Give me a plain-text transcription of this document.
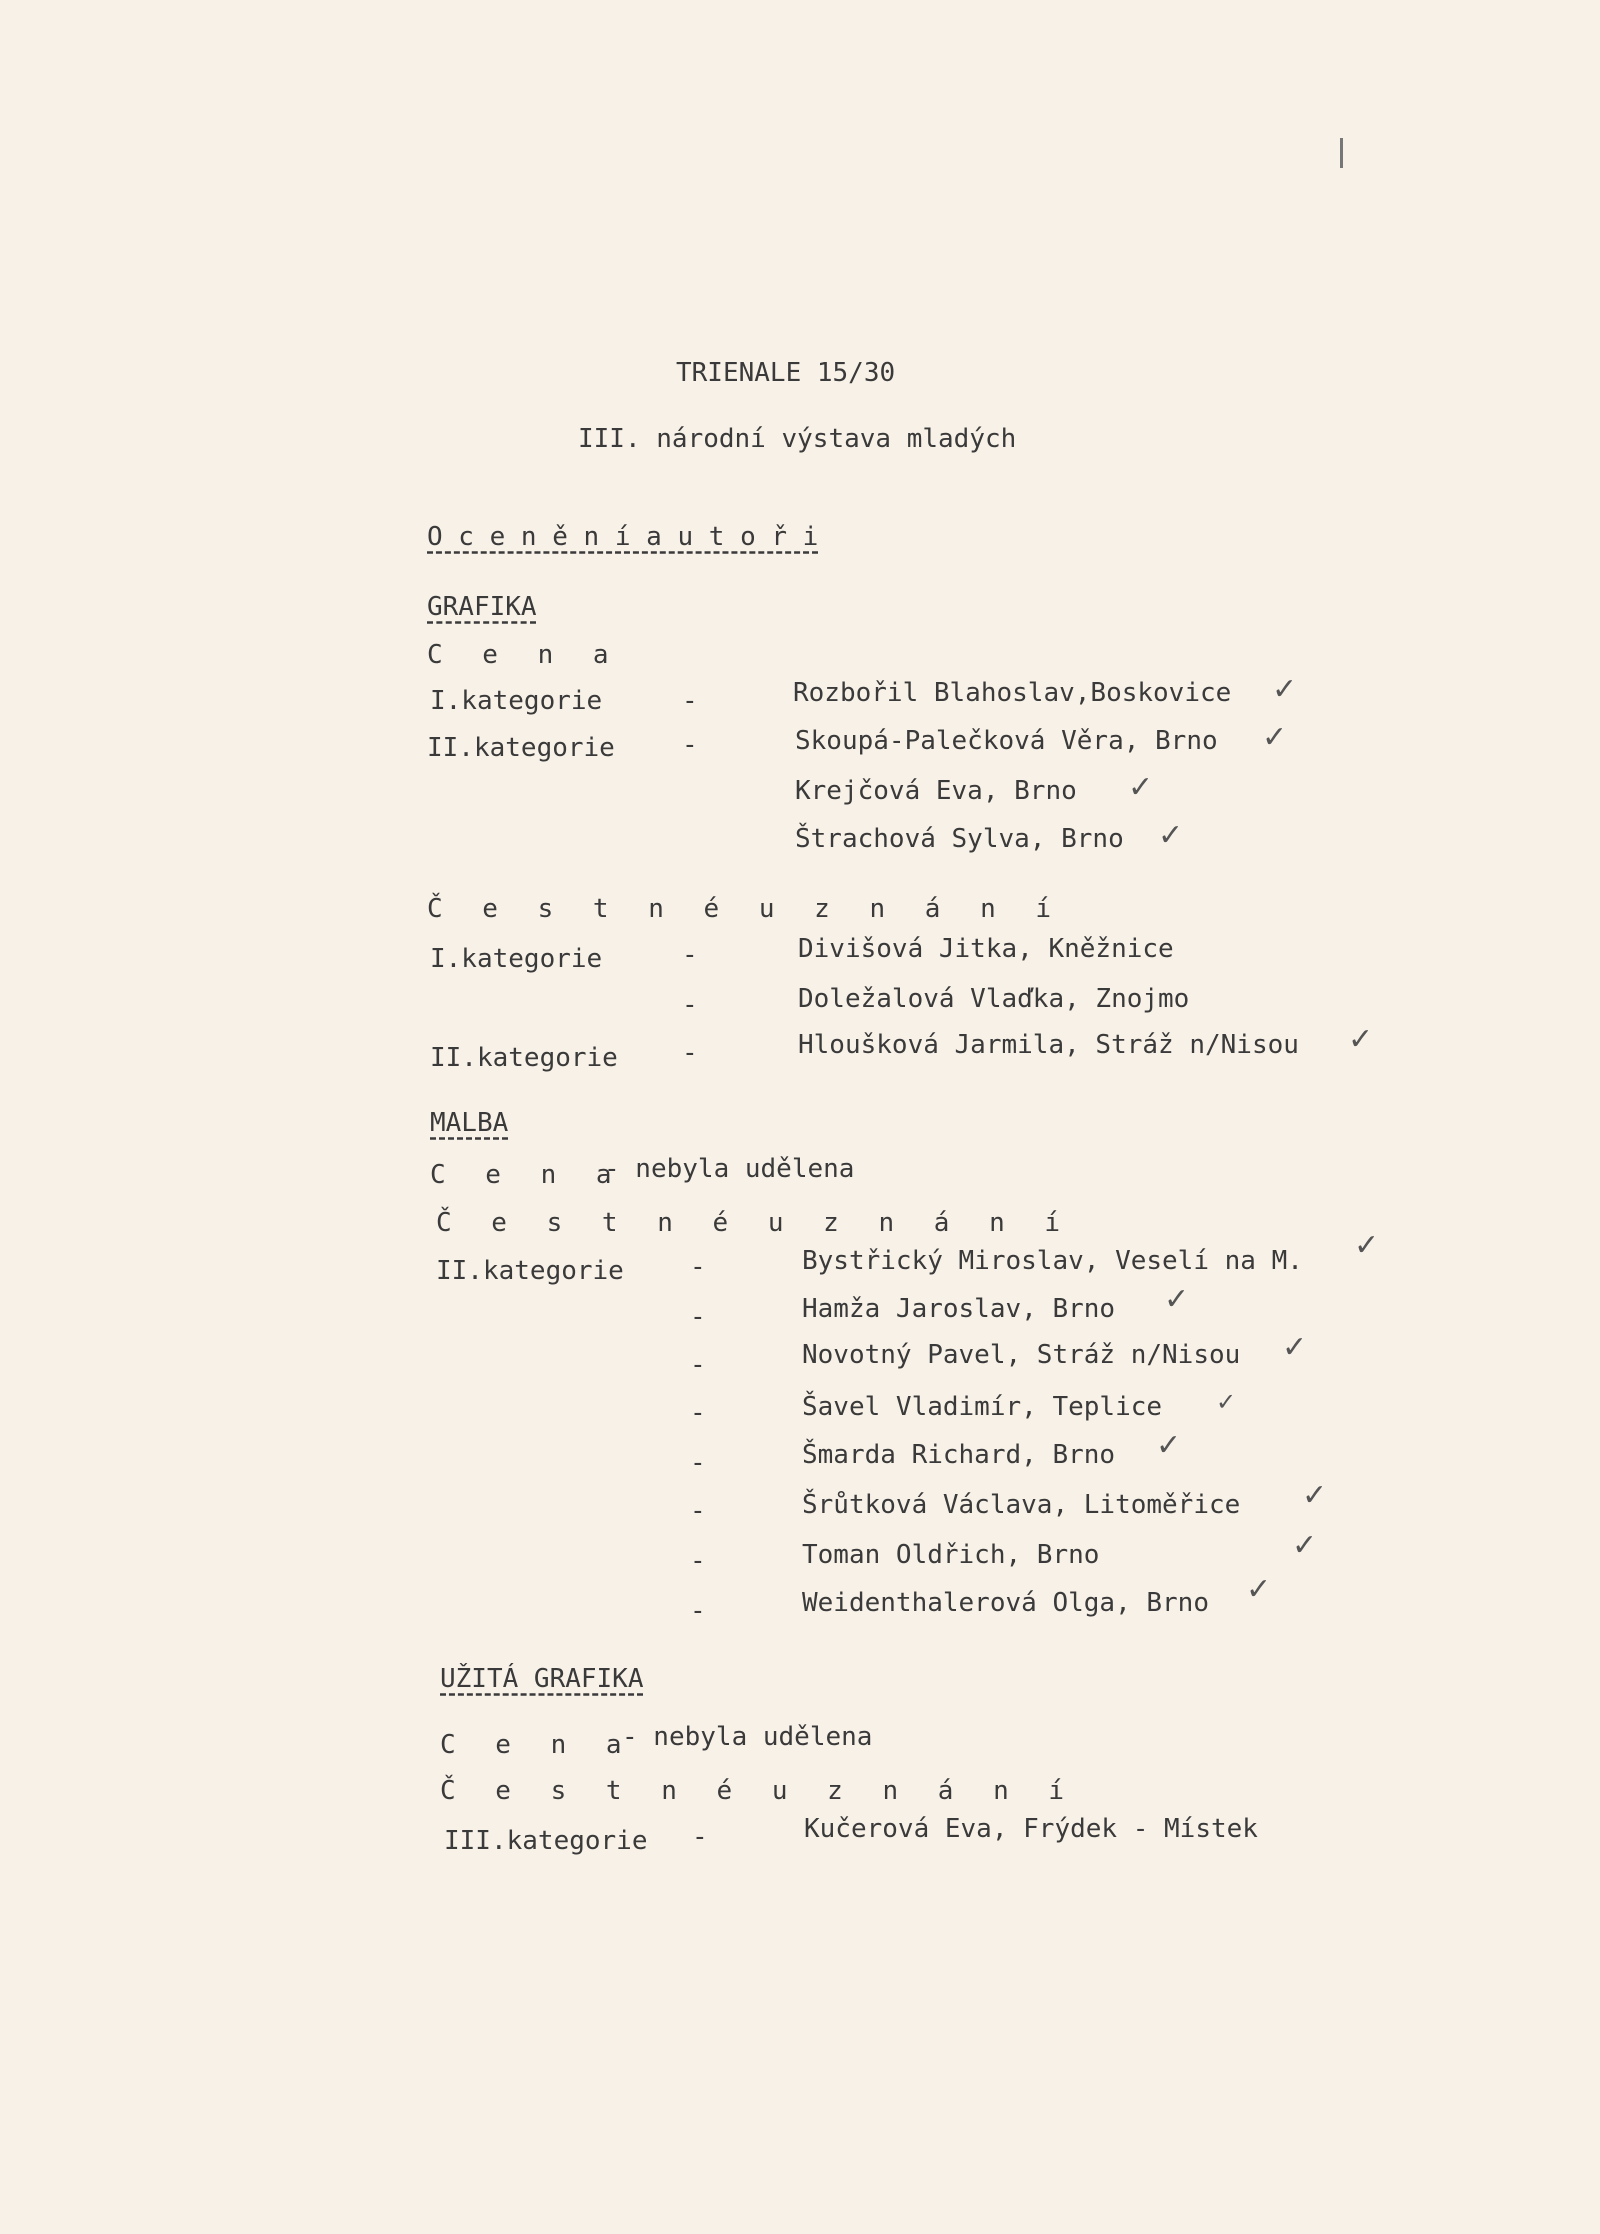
TRIENALE 15/30
III. národní výstava mladých
O c e n ě n í a u t o ř i
GRAFIKA
C e n a
I.kategorie	-	Rozbořil Blahoslav,Boskovice ✓
II.kategorie	-	Skoupá-Palečková Věra, Brno ✓
Krejčová Eva, Brno ✓
Štrachová Sylva, Brno ✓
Č e s t n é u z n á n í
I.kategorie	-	Divišová Jitka, Kněžnice
-	Doležalová Vlaďka, Znojmo
II.kategorie -	Hloušková Jarmila, Stráž n/Nisou ✓
MALBA
C e n a
- nebyla udělena
Č e s t n é u z n á n í
II.kategorie	-	Bystřický Miroslav, Veselí na M. ✓
-	Hamža Jaroslav, Brno ✓
-	Novotný Pavel, Stráž n/Nisou ✓
-	Šavel Vladimír, Teplice ✓
-	Šmarda Richard, Brno ✓
-	Šrůtková Václava, Litoměřice ✓
-	Toman Oldřich, Brno	✓
-	Weidenthalerová Olga, Brno ✓
UŽITÁ GRAFIKA
C e n a
- nebyla udělena
Č e s t n é u z n á n í
III.kategorie -	Kučerová Eva, Frýdek - Místek
